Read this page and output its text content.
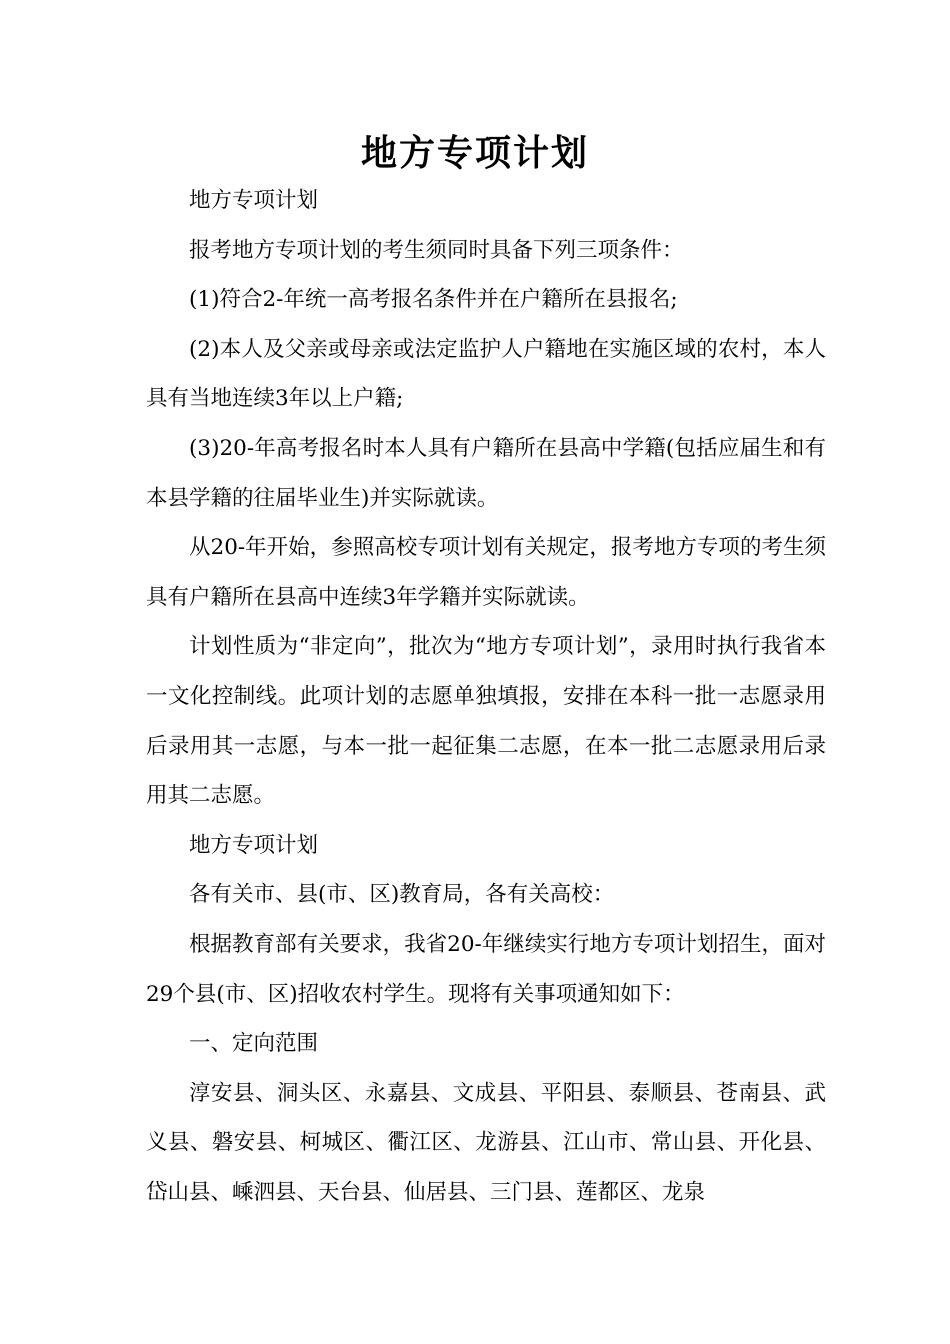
地方专项计划

地方专项计划

报考地方专项计划的考生须同时具备下列三项条件：

(1)符合2-年统一高考报名条件并在户籍所在县报名;

(2)本人及父亲或母亲或法定监护人户籍地在实施区域的农村，本人具有当地连续3年以上户籍;

(3)20-年高考报名时本人具有户籍所在县高中学籍(包括应届生和有本县学籍的往届毕业生)并实际就读。

从20-年开始，参照高校专项计划有关规定，报考地方专项的考生须具有户籍所在县高中连续3年学籍并实际就读。

计划性质为“非定向”，批次为“地方专项计划”，录用时执行我省本一文化控制线。此项计划的志愿单独填报，安排在本科一批一志愿录用后录用其一志愿，与本一批一起征集二志愿，在本一批二志愿录用后录用其二志愿。

地方专项计划

各有关市、县(市、区)教育局，各有关高校：

根据教育部有关要求，我省20-年继续实行地方专项计划招生，面对29个县(市、区)招收农村学生。现将有关事项通知如下：

一、定向范围

淳安县、洞头区、永嘉县、文成县、平阳县、泰顺县、苍南县、武义县、磐安县、柯城区、衢江区、龙游县、江山市、常山县、开化县、岱山县、嵊泗县、天台县、仙居县、三门县、莲都区、龙泉
